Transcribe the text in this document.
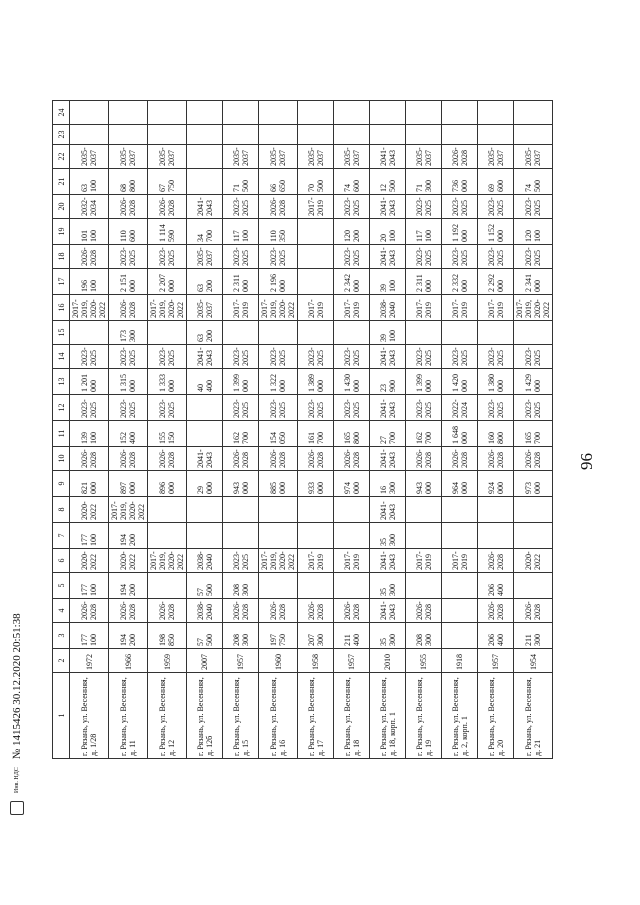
96
Инв. НДС
№ 1415426 30.12.2020 20:51:38	1	2	3	4	5	6	7	8	9	10	11	12	13	14	15	16	17	18	19	20	21	22	23	24
г. Рязань, ул. Весенняя, д. 1/28	1972	177 100	2026-2028	177 100	2020-2022	177 100	2020-2022	821 000	2026-2028	139 100	2023-2025	1 201 000	2023-2025		2017-2019, 2020-2022	196 100	2026-2028	101 100	2032-2034	63 100	2035-2037		
г. Рязань, ул. Весенняя, д. 11	1966	194 200	2026-2028	194 200	2020-2022	194 200	2017-2019, 2020-2022	897 000	2026-2028	152 400	2023-2025	1 315 000	2023-2025	173 300	2026-2028	2 151 000	2023-2025	110 600	2026-2028	68 800	2035-2037		
г. Рязань, ул. Весенняя, д. 12	1959	198 850	2026-2028		2017-2019, 2020-2022			896 000	2026-2028	155 150	2023-2025	1 333 000	2023-2025		2017-2019, 2020-2022	2 207 000	2023-2025	1 114 590	2026-2028	67 750	2035-2037		
г. Рязань, ул. Весенняя, д. 12б	2007	57 500	2038-2040	57 500	2038-2040			29 000	2041-2043			40 400	2041-2043	63 200	2035-2037	63 200	2035-2037	34 700	2041-2043				
г. Рязань, ул. Весенняя, д. 15	1957	208 300	2026-2028	208 300	2023-2025			943 000	2026-2028	162 700	2023-2025	1 399 000	2023-2025		2017-2019	2 311 000	2023-2025	117 100	2023-2025	71 500	2035-2037		
г. Рязань, ул. Весенняя, д. 16	1960	197 750	2026-2028		2017-2019, 2020-2022			885 000	2026-2028	154 050	2023-2025	1 322 000	2023-2025		2017-2019, 2020-2022	2 196 000	2023-2025	110 350	2026-2028	66 650	2035-2037		
г. Рязань, ул. Весенняя, д. 17	1958	207 300	2026-2028		2017-2019			933 000	2026-2028	161 700	2023-2025	1 389 000	2023-2025		2017-2019				2017-2019	70 500	2035-2037		
г. Рязань, ул. Весенняя, д. 18	1957	211 400	2026-2028		2017-2019			974 000	2026-2028	165 800	2023-2025	1 430 000	2023-2025		2017-2019	2 342 000	2023-2025	120 200	2023-2025	74 600	2035-2037		
г. Рязань, ул. Весенняя, д. 18, корп. 1	2010	35 300	2041-2043	35 300	2041-2043	35 300	2041-2043	16 300	2041-2043	27 700	2041-2043	23 900	2041-2043	39 100	2038-2040	39 100	2041-2043	20 100	2041-2043	12 500	2041-2043		
г. Рязань, ул. Весенняя, д. 19	1955	208 300	2026-2028		2017-2019			943 000	2026-2028	162 700	2023-2025	1 399 000	2023-2025		2017-2019	2 311 000	2023-2025	117 100	2023-2025	71 300	2035-2037		
г. Рязань, ул. Весенняя, д. 2, корп. 1	1918				2017-2019			964 000	2026-2028	1 648 000	2022-2024	1 420 000	2023-2025		2017-2019	2 332 000	2023-2025	1 192 000	2023-2025	736 000	2026-2028		
г. Рязань, ул. Весенняя, д. 20	1957	206 400	2026-2028	206 400	2026-2028			924 000	2026-2028	160 800	2023-2025	1 380 000	2023-2025		2017-2019	2 292 000	2023-2025	1 152 000	2023-2025	69 600	2035-2037		
г. Рязань, ул. Весенняя, д. 21	1954	211 300	2026-2028		2020-2022			973 000	2026-2028	165 700	2023-2025	1 429 000	2023-2025		2017-2019, 2020-2022	2 341 000	2023-2025	120 100	2023-2025	74 500	2035-2037		
